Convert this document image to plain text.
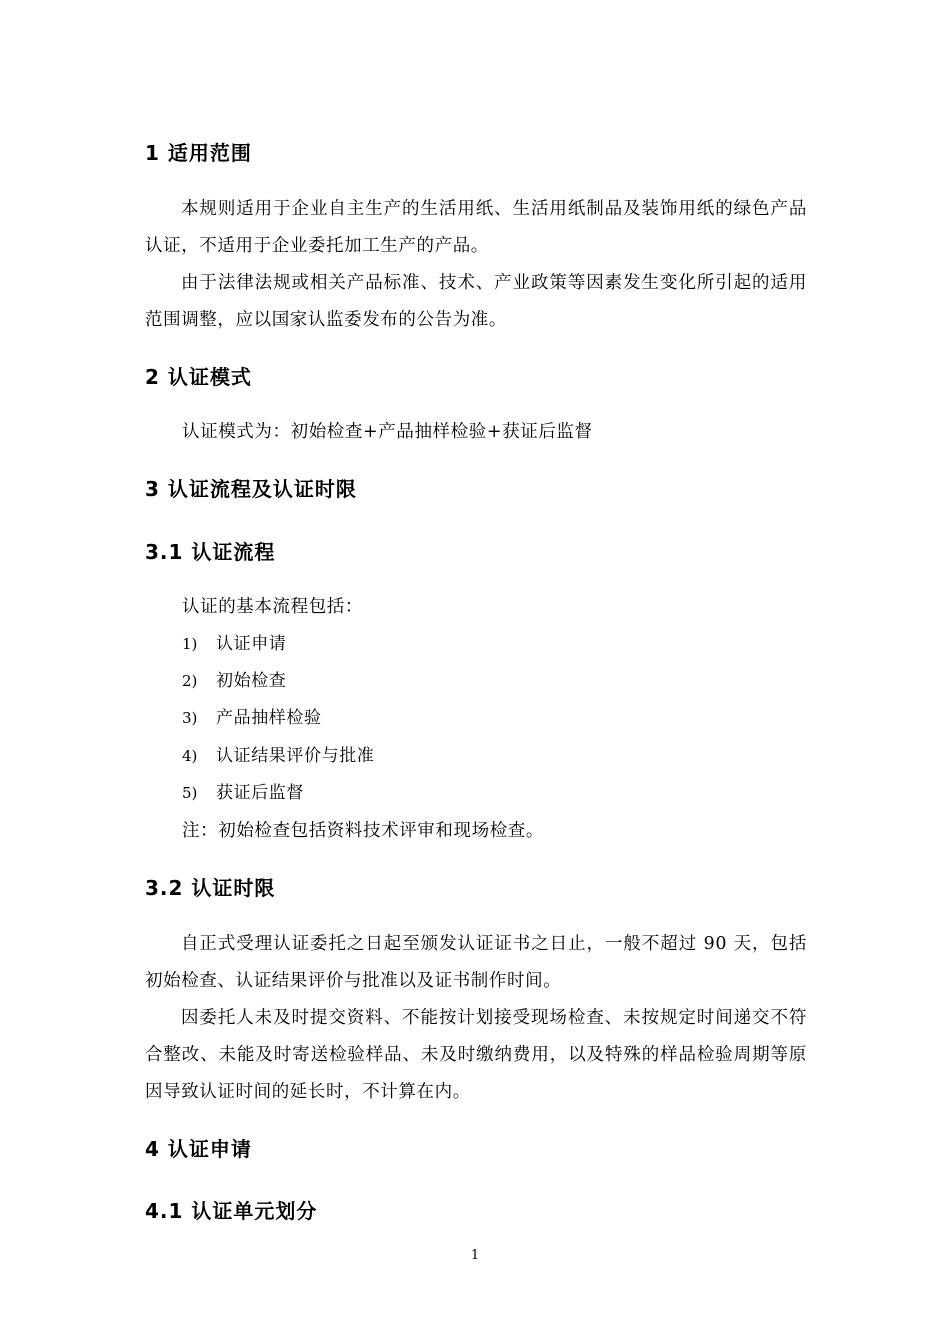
1 适用范围
本规则适用于企业自主生产的生活用纸、生活用纸制品及装饰用纸的绿色产品认证，不适用于企业委托加工生产的产品。
由于法律法规或相关产品标准、技术、产业政策等因素发生变化所引起的适用范围调整，应以国家认监委发布的公告为准。
2 认证模式
认证模式为：初始检查+产品抽样检验+获证后监督
3 认证流程及认证时限
3.1 认证流程
认证的基本流程包括：
1) 认证申请
2) 初始检查
3) 产品抽样检验
4) 认证结果评价与批准
5) 获证后监督
注：初始检查包括资料技术评审和现场检查。
3.2 认证时限
自正式受理认证委托之日起至颁发认证证书之日止，一般不超过 90 天，包括初始检查、认证结果评价与批准以及证书制作时间。
因委托人未及时提交资料、不能按计划接受现场检查、未按规定时间递交不符合整改、未能及时寄送检验样品、未及时缴纳费用，以及特殊的样品检验周期等原因导致认证时间的延长时，不计算在内。
4 认证申请
4.1 认证单元划分
1
